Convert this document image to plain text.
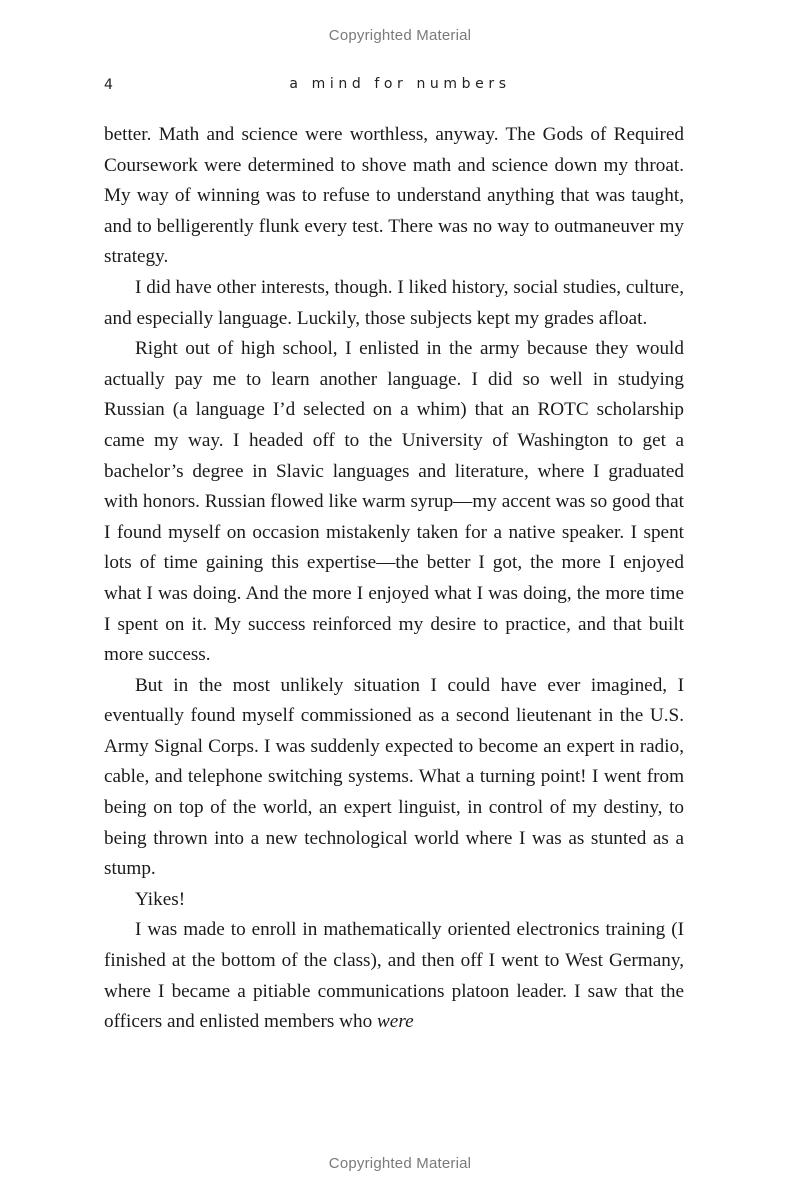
Copyrighted Material
4	a mind for numbers

better. Math and science were worthless, anyway. The Gods of Required Coursework were determined to shove math and science down my throat. My way of winning was to refuse to understand anything that was taught, and to belligerently flunk every test. There was no way to outmaneuver my strategy.

I did have other interests, though. I liked history, social studies, culture, and especially language. Luckily, those subjects kept my grades afloat.

Right out of high school, I enlisted in the army because they would actually pay me to learn another language. I did so well in studying Russian (a language I’d selected on a whim) that an ROTC scholarship came my way. I headed off to the University of Washington to get a bachelor’s degree in Slavic languages and literature, where I graduated with honors. Russian flowed like warm syrup—my accent was so good that I found myself on occasion mistakenly taken for a native speaker. I spent lots of time gaining this expertise—the better I got, the more I enjoyed what I was doing. And the more I enjoyed what I was doing, the more time I spent on it. My success reinforced my desire to practice, and that built more success.

But in the most unlikely situation I could have ever imagined, I eventually found myself commissioned as a second lieutenant in the U.S. Army Signal Corps. I was suddenly expected to become an expert in radio, cable, and telephone switching systems. What a turning point! I went from being on top of the world, an expert linguist, in control of my destiny, to being thrown into a new technological world where I was as stunted as a stump.

Yikes!

I was made to enroll in mathematically oriented electronics training (I finished at the bottom of the class), and then off I went to West Germany, where I became a pitiable communications platoon leader. I saw that the officers and enlisted members who were

Copyrighted Material
